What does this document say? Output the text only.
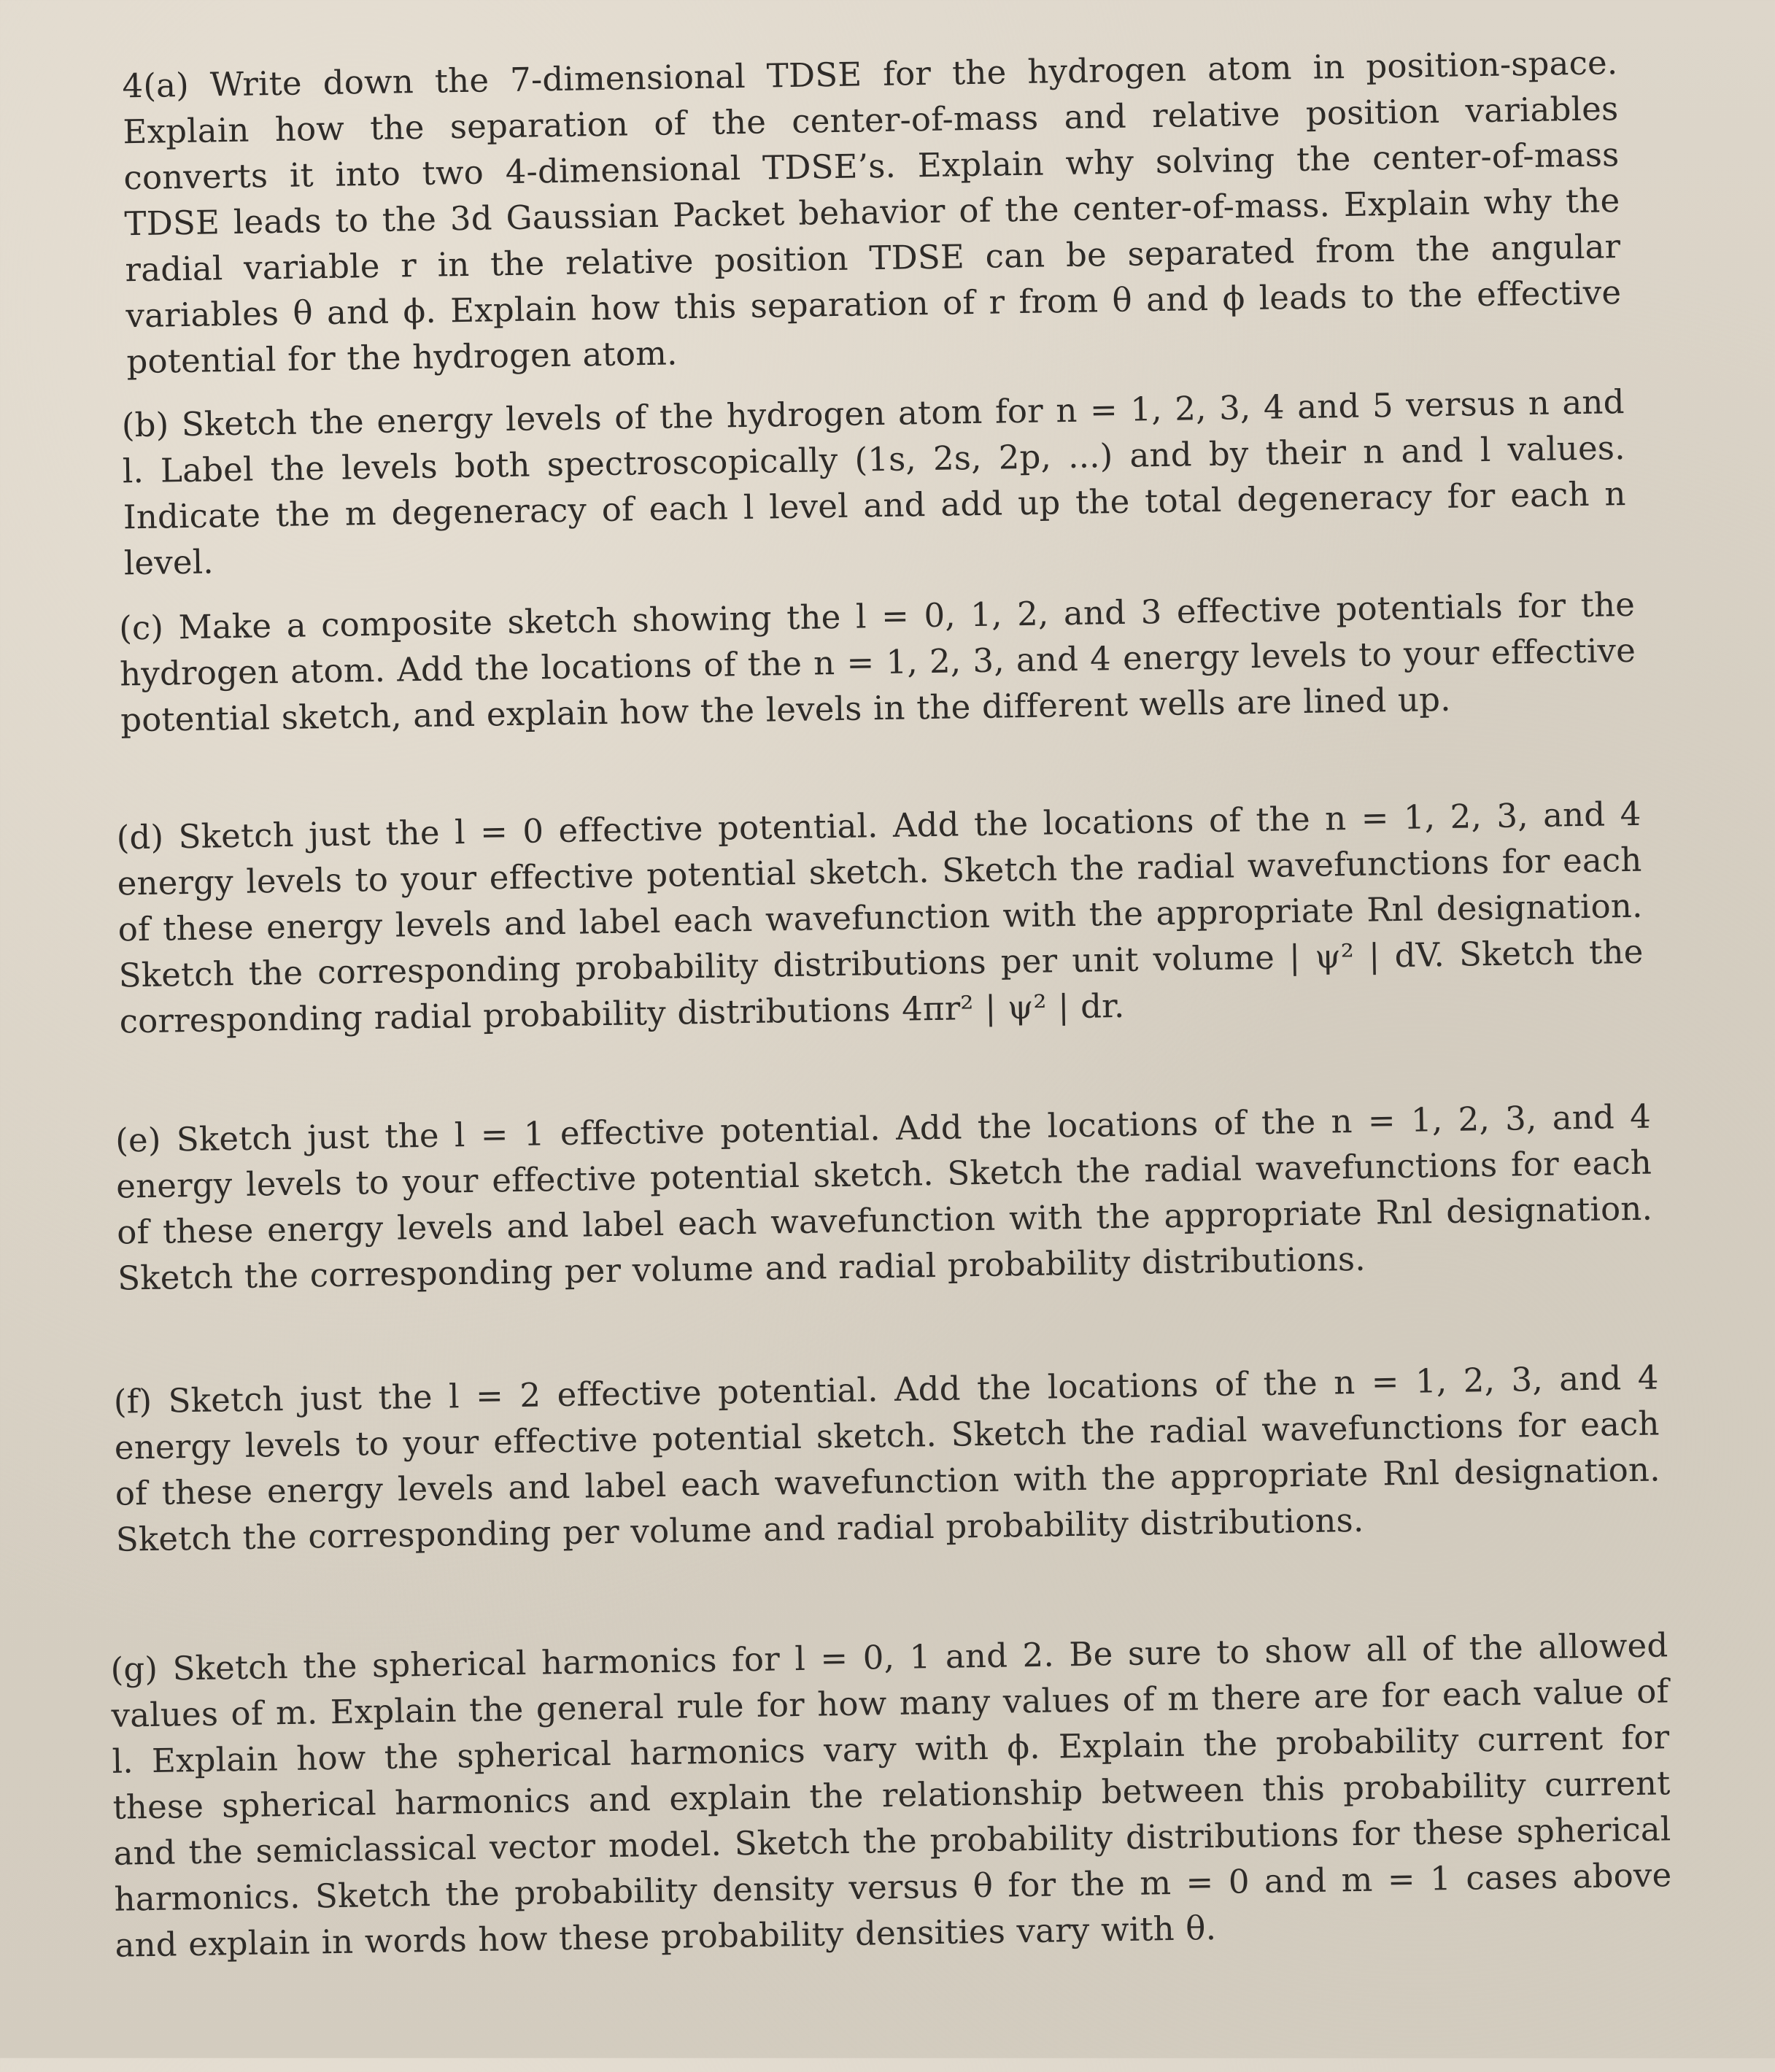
4(a) Write down the 7-dimensional TDSE for the hydrogen atom in position-space. Explain how the separation of the center-of-mass and relative position variables converts it into two 4-dimensional TDSE’s. Explain why solving the center-of-mass TDSE leads to the 3d Gaussian Packet behavior of the center-of-mass. Explain why the radial variable r in the relative position TDSE can be separated from the angular variables θ and ϕ. Explain how this separation of r from θ and ϕ leads to the effective potential for the hydrogen atom.

(b) Sketch the energy levels of the hydrogen atom for n = 1, 2, 3, 4 and 5 versus n and l. Label the levels both spectroscopically (1s, 2s, 2p, ...) and by their n and l values. Indicate the m degeneracy of each l level and add up the total degeneracy for each n level.

(c) Make a composite sketch showing the l = 0, 1, 2, and 3 effective potentials for the hydrogen atom. Add the locations of the n = 1, 2, 3, and 4 energy levels to your effective potential sketch, and explain how the levels in the different wells are lined up.

(d) Sketch just the l = 0 effective potential. Add the locations of the n = 1, 2, 3, and 4 energy levels to your effective potential sketch. Sketch the radial wavefunctions for each of these energy levels and label each wavefunction with the appropriate Rnl designation. Sketch the corresponding probability distributions per unit volume | ψ² | dV. Sketch the corresponding radial probability distributions 4πr² | ψ² | dr.

(e) Sketch just the l = 1 effective potential. Add the locations of the n = 1, 2, 3, and 4 energy levels to your effective potential sketch. Sketch the radial wavefunctions for each of these energy levels and label each wavefunction with the appropriate Rnl designation. Sketch the corresponding per volume and radial probability distributions.

(f) Sketch just the l = 2 effective potential. Add the locations of the n = 1, 2, 3, and 4 energy levels to your effective potential sketch. Sketch the radial wavefunctions for each of these energy levels and label each wavefunction with the appropriate Rnl designation. Sketch the corresponding per volume and radial probability distributions.

(g) Sketch the spherical harmonics for l = 0, 1 and 2. Be sure to show all of the allowed values of m. Explain the general rule for how many values of m there are for each value of l. Explain how the spherical harmonics vary with ϕ. Explain the probability current for these spherical harmonics and explain the relationship between this probability current and the semiclassical vector model. Sketch the probability distributions for these spherical harmonics. Sketch the probability density versus θ for the m = 0 and m = 1 cases above and explain in words how these probability densities vary with θ.
